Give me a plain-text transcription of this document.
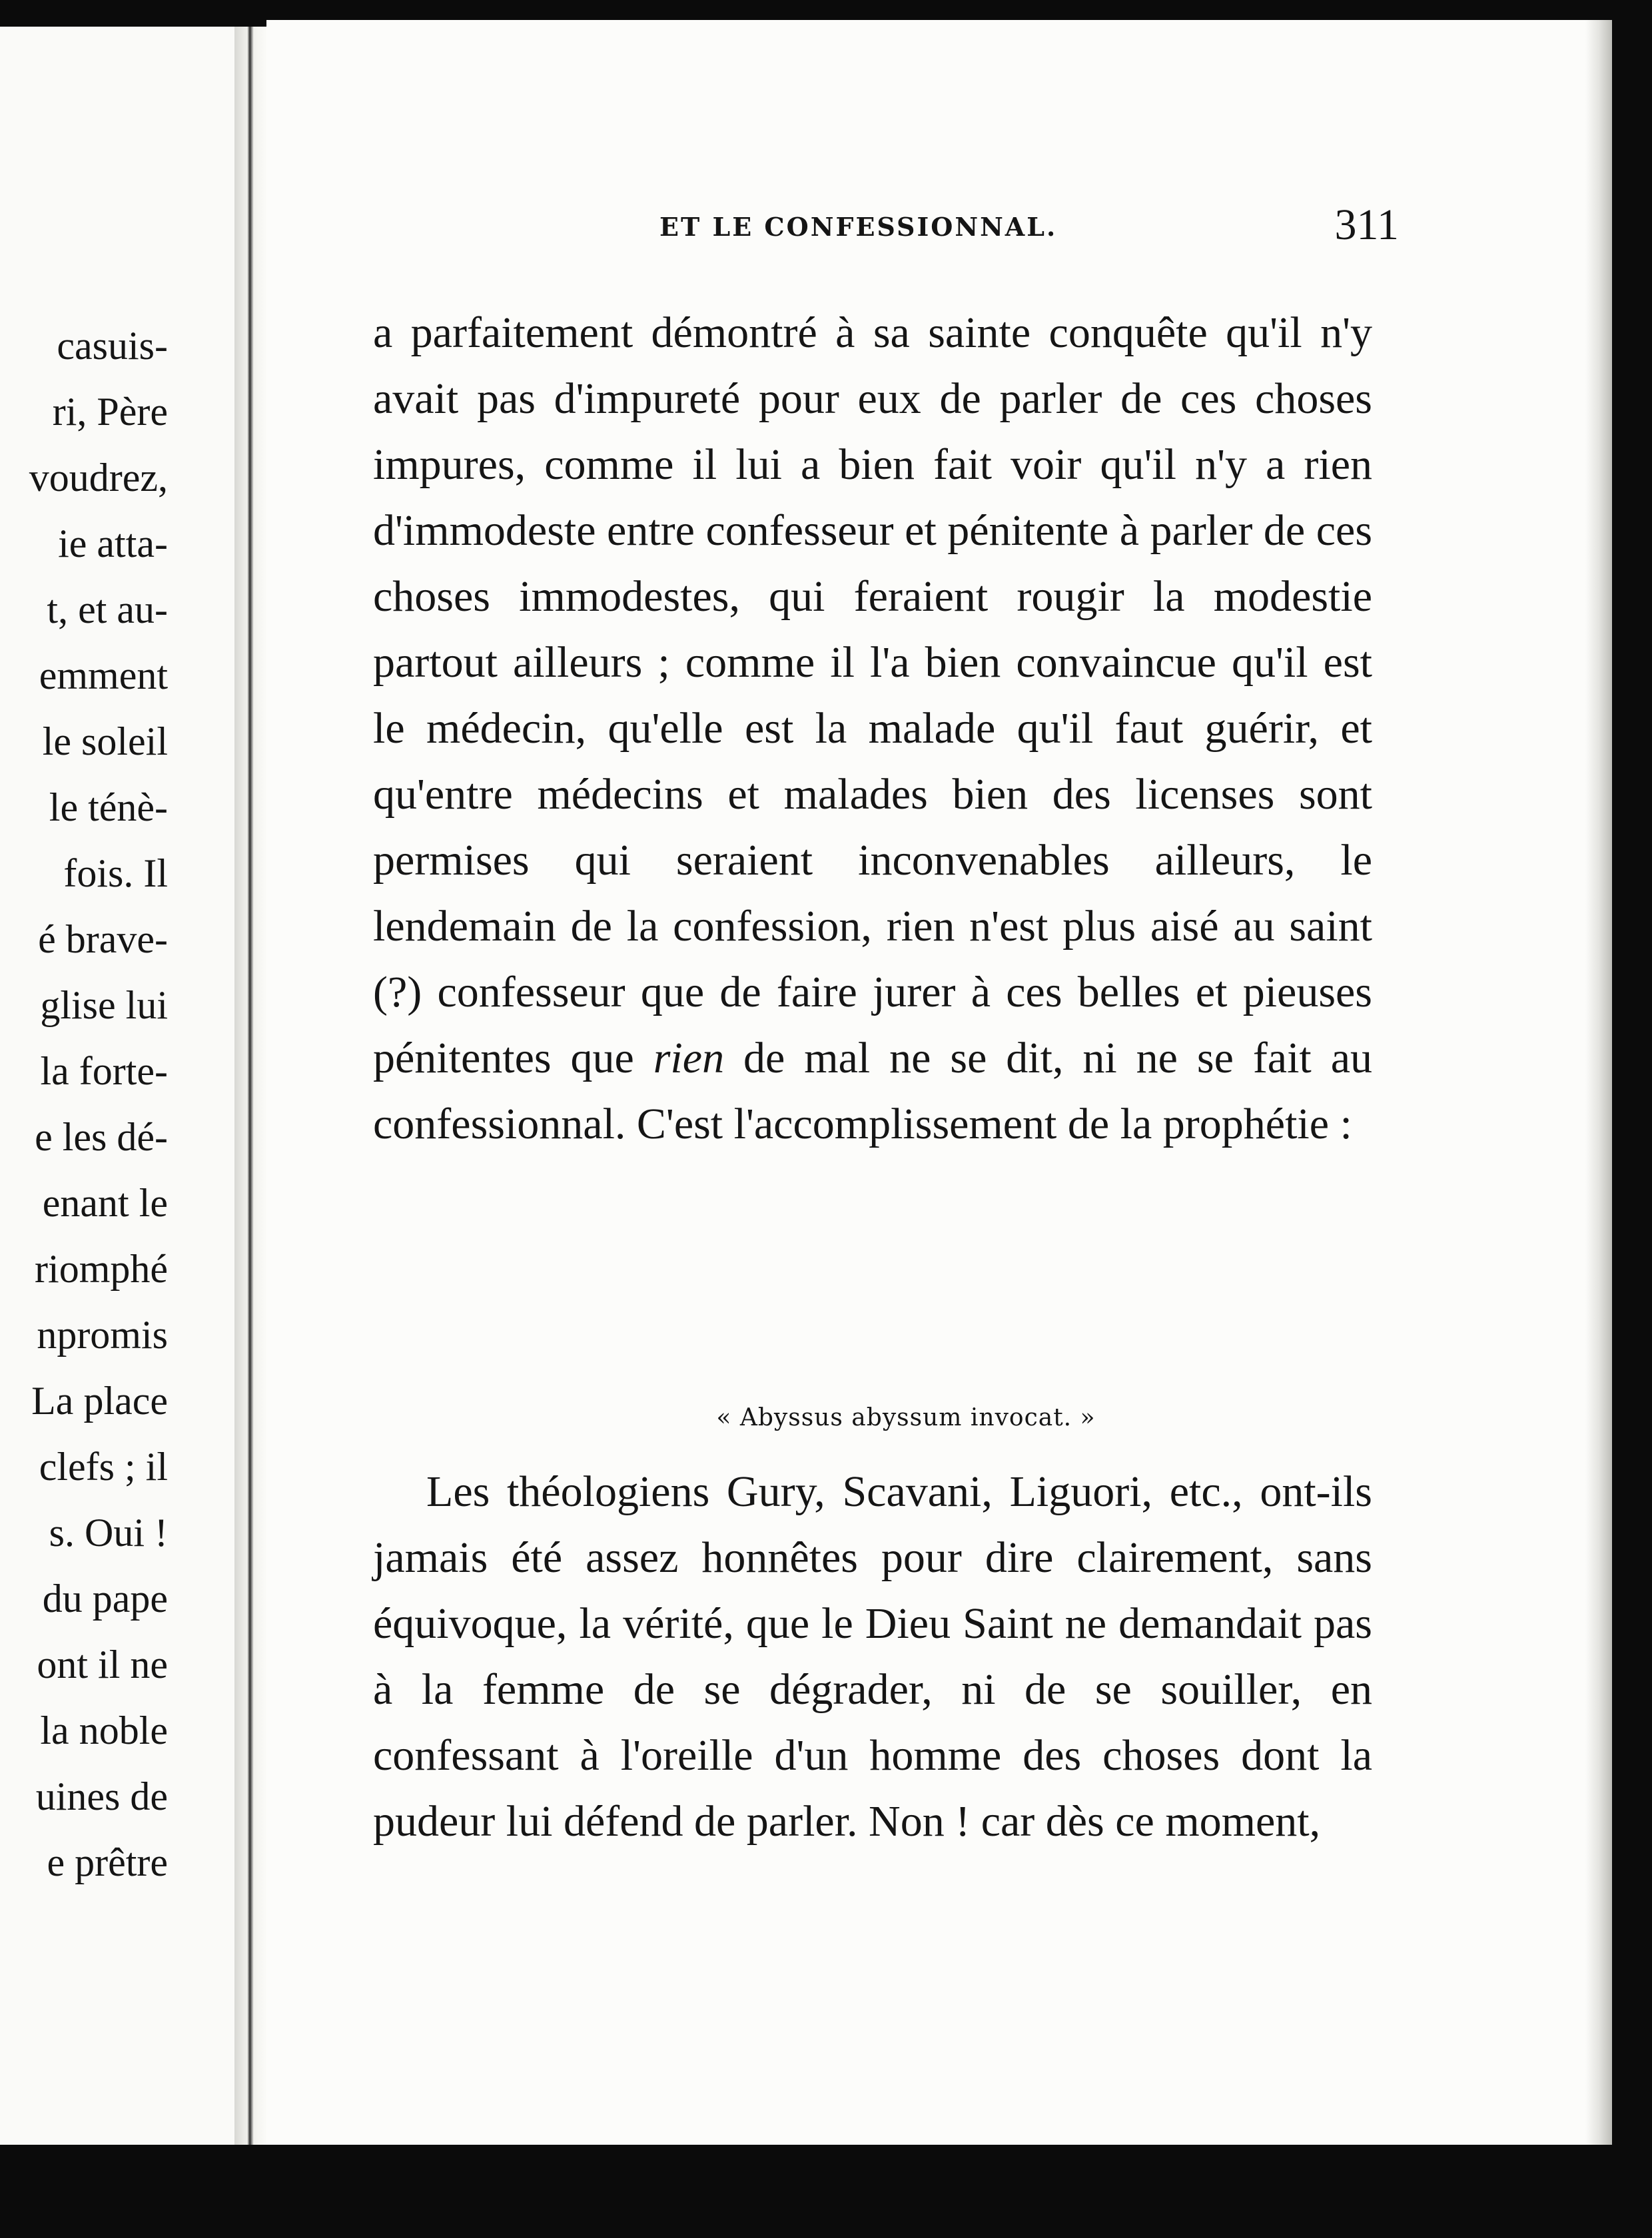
casuis-
ri, Père
voudrez,
ie atta-
t, et au-
emment
le soleil
le ténè-
fois. Il
é brave-
glise lui
la forte-
e les dé-
enant le
riomphé
npromis
La place
clefs ; il
s. Oui !
du pape
ont il ne
la noble
uines de
e prêtre
ET LE CONFESSIONNAL.	311

a parfaitement démontré à sa sainte conquête qu'il n'y avait pas d'impureté pour eux de parler de ces choses impures, comme il lui a bien fait voir qu'il n'y a rien d'immodeste entre confesseur et pénitente à parler de ces choses immodestes, qui feraient rougir la modestie partout ailleurs ; comme il l'a bien convaincue qu'il est le médecin, qu'elle est la malade qu'il faut guérir, et qu'entre médecins et malades bien des licenses sont permises qui seraient inconvenables ailleurs, le lendemain de la confession, rien n'est plus aisé au saint (?) confesseur que de faire jurer à ces belles et pieuses pénitentes que rien de mal ne se dit, ni ne se fait au confessionnal. C'est l'accomplissement de la prophétie :

« Abyssus abyssum invocat. »

Les théologiens Gury, Scavani, Liguori, etc., ont-ils jamais été assez honnêtes pour dire clairement, sans équivoque, la vérité, que le Dieu Saint ne demandait pas à la femme de se dégrader, ni de se souiller, en confessant à l'oreille d'un homme des choses dont la pudeur lui défend de parler. Non ! car dès ce moment,
